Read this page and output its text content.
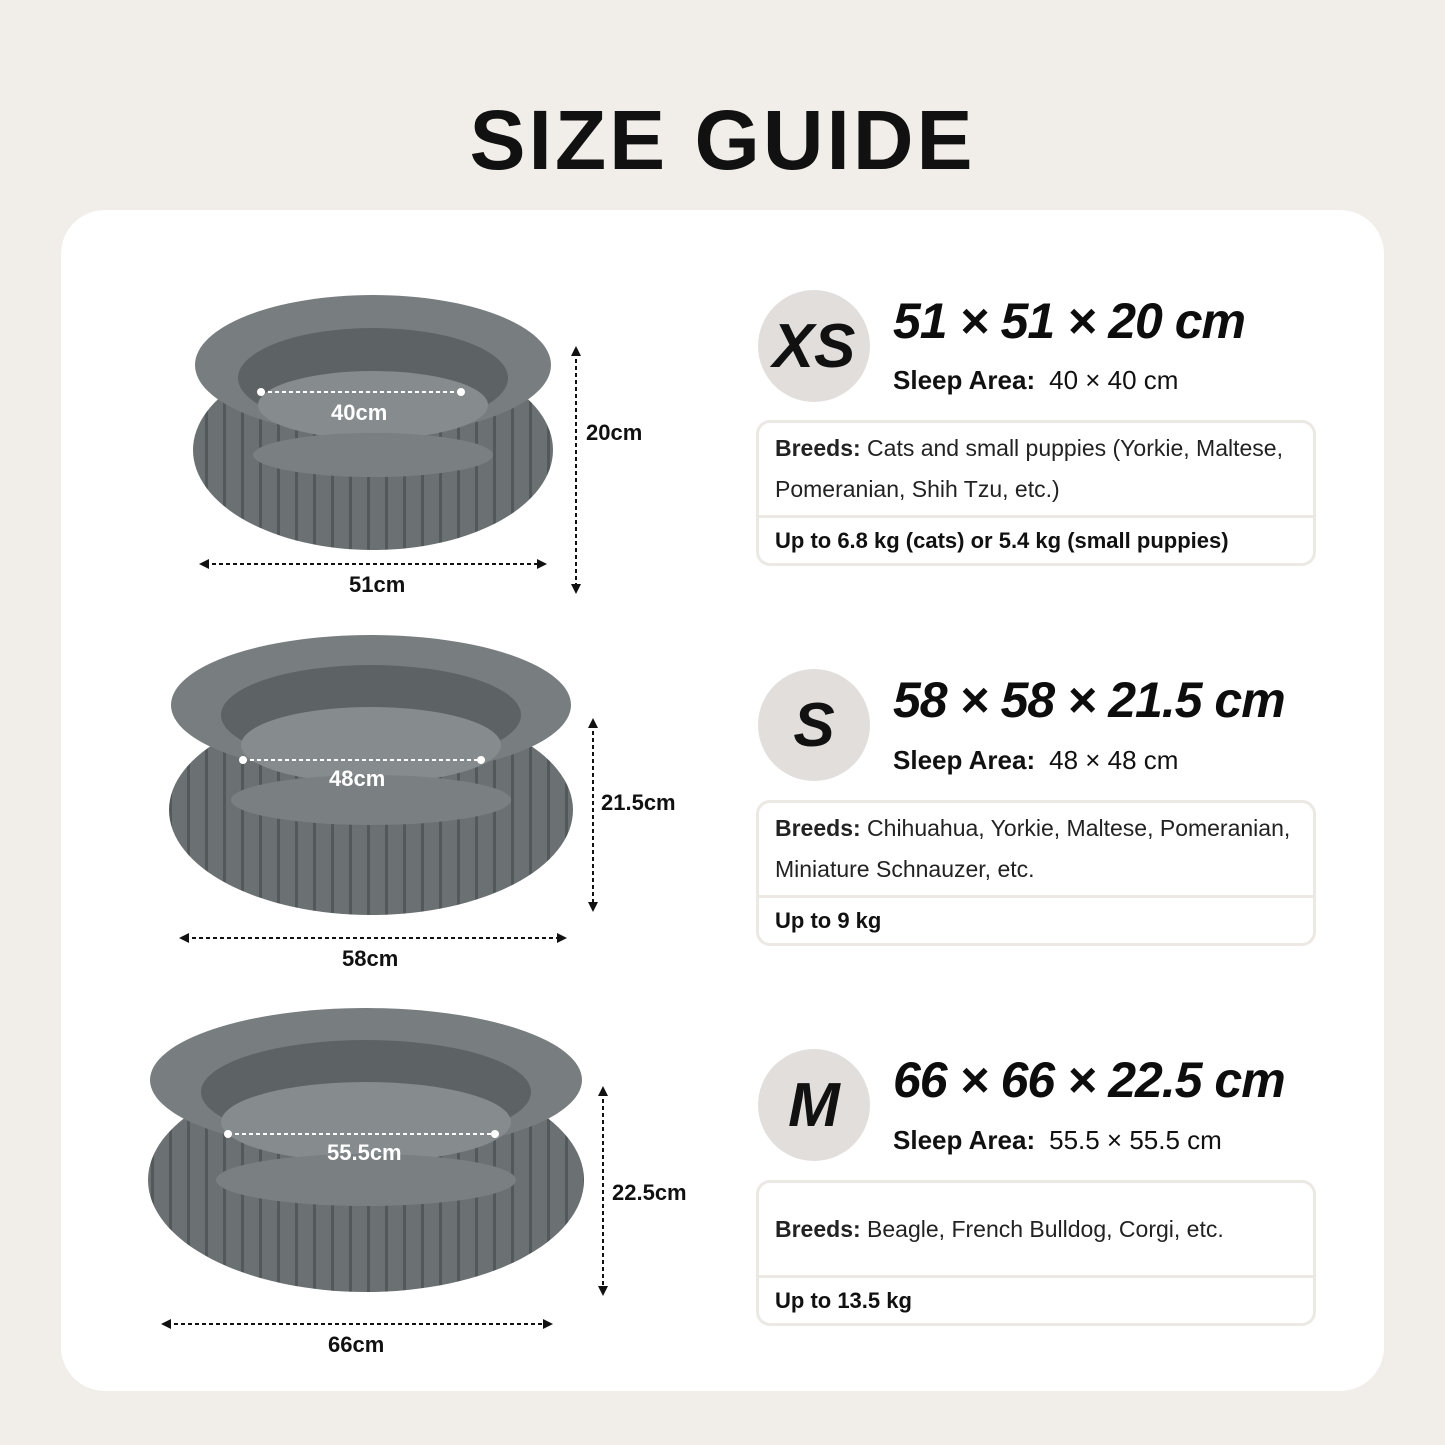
SIZE GUIDE
40cm
20cm
51cm
XS 51 × 51 × 20 cm
Sleep Area: 40 × 40 cm
Breeds: Cats and small puppies (Yorkie, Maltese, Pomeranian, Shih Tzu, etc.)
Up to 6.8 kg (cats) or 5.4 kg (small puppies)
48cm
21.5cm
58cm
S	58 × 58 × 21.5 cm
Sleep Area: 48 × 48 cm
Breeds: Chihuahua, Yorkie, Maltese, Pomeranian, Miniature Schnauzer, etc.
Up to 9 kg
55.5cm
22.5cm
66cm
M	66 × 66 × 22.5 cm
Sleep Area: 55.5 × 55.5 cm
Breeds: Beagle, French Bulldog, Corgi, etc.
Up to 13.5 kg
